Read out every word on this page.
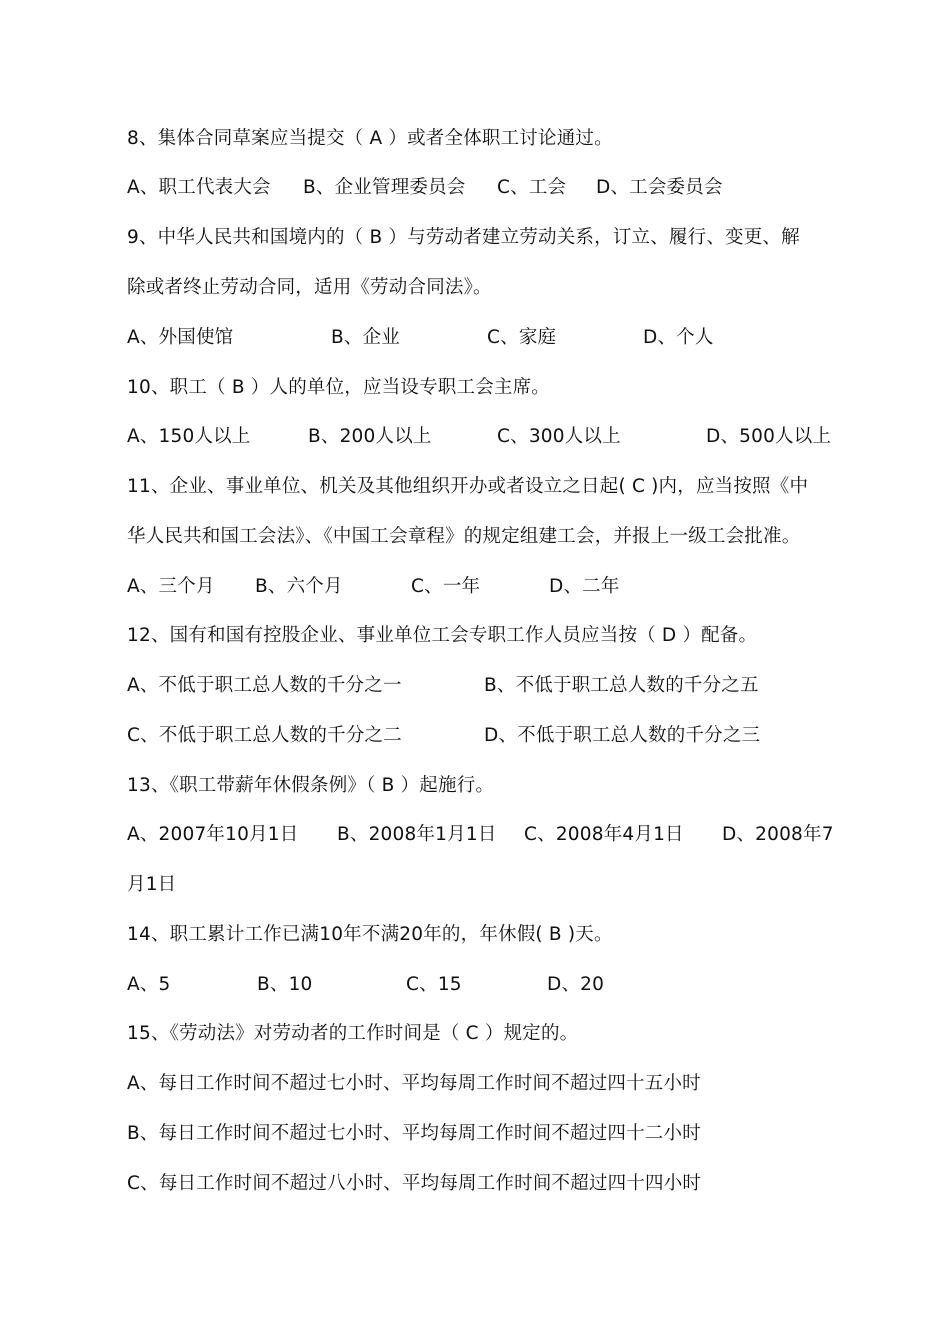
8、集体合同草案应当提交（ A ）或者全体职工讨论通过。
A、职工代表大会 B、企业管理委员会 C、工会 D、工会委员会
9、中华人民共和国境内的（ B ）与劳动者建立劳动关系，订立、履行、变更、解
除或者终止劳动合同，适用《劳动合同法》。
A、外国使馆	B、企业	C、家庭	D、个人
10、职工（ B ）人的单位，应当设专职工会主席。
A、150人以上	B、200人以上	C、300人以上	D、500人以上
11、企业、事业单位、机关及其他组织开办或者设立之日起( C )内，应当按照《中
华人民共和国工会法》、《中国工会章程》的规定组建工会，并报上一级工会批准。
A、三个月 B、六个月	C、一年	D、二年
12、国有和国有控股企业、事业单位工会专职工作人员应当按（ D ）配备。
A、不低于职工总人数的千分之一	B、不低于职工总人数的千分之五
C、不低于职工总人数的千分之二	D、不低于职工总人数的千分之三
13、《职工带薪年休假条例》（ B ）起施行。
A、2007年10月1日 B、2008年1月1日 C、2008年4月1日 D、2008年7
月1日
14、职工累计工作已满10年不满20年的，年休假( B )天。
A、5	B、10	C、15	D、20
15、《劳动法》对劳动者的工作时间是（ C ）规定的。
A、每日工作时间不超过七小时、平均每周工作时间不超过四十五小时
B、每日工作时间不超过七小时、平均每周工作时间不超过四十二小时
C、每日工作时间不超过八小时、平均每周工作时间不超过四十四小时
